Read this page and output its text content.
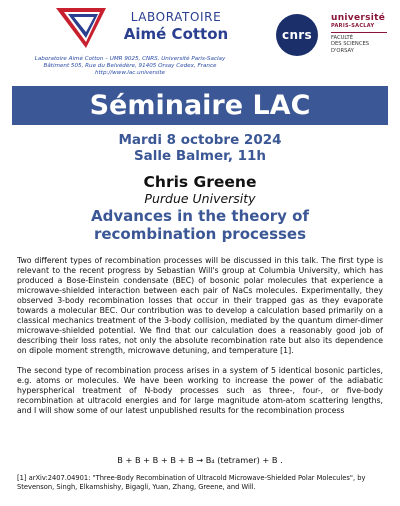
LABORATOIRE
Aimé Cotton	cnrs
université
PARIS-SACLAY
FACULTÉ
DES SCIENCES
D'ORSAY
Laboratoire Aimé Cotton – UMR 9025, CNRS, Université Paris-Saclay
Bâtiment 505, Rue du Belvédère, 91405 Orsay Cedex, France
http://www.lac.universite
Séminaire LAC
Mardi 8 octobre 2024
Salle Balmer, 11h
Chris Greene
Purdue University
Advances in the theory of recombination processes

Two different types of recombination processes will be discussed in this talk. The first type is relevant to the recent progress by Sebastian Will's group at Columbia University, which has produced a Bose-Einstein condensate (BEC) of bosonic polar molecules that experience a microwave-shielded interaction between each pair of NaCs molecules. Experimentally, they observed 3-body recombination losses that occur in their trapped gas as they evaporate towards a molecular BEC. Our contribution was to develop a calculation based primarily on a classical mechanics treatment of the 3-body collision, mediated by the quantum dimer-dimer microwave-shielded potential. We find that our calculation does a reasonably good job of describing their loss rates, not only the absolute recombination rate but also its dependence on dipole moment strength, microwave detuning, and temperature [1].

The second type of recombination process arises in a system of 5 identical bosonic particles, e.g. atoms or molecules. We have been working to increase the power of the adiabatic hyperspherical treatment of N-body processes such as three-, four-, or five-body recombination at ultracold energies and for large magnitude atom-atom scattering lengths, and I will show some of our latest unpublished results for the recombination process

B + B + B + B + B → B₄ (tetramer) + B .
[1] arXiv:2407.04901: "Three-Body Recombination of Ultracold Microwave-Shielded Polar Molecules", by Stevenson, Singh, Elkamshishy, Bigagli, Yuan, Zhang, Greene, and Will.
